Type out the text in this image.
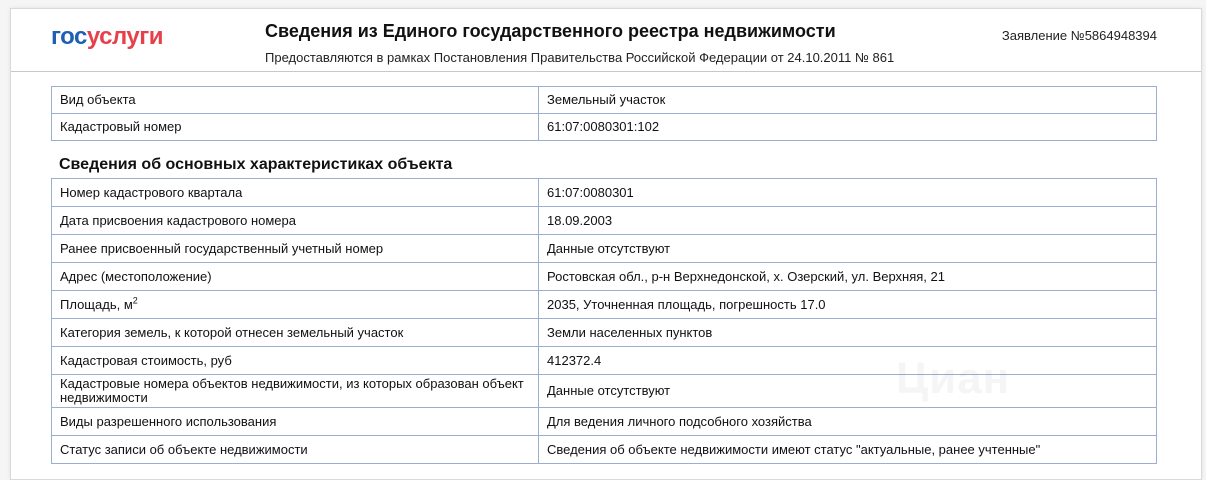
госуслуги	Сведения из Единого государственного реестра недвижимости
Предоставляются в рамках Постановления Правительства Российской Федерации от 24.10.2011 № 861
Заявление №5864948394
Вид объекта	Земельный участок
Кадастровый номер	61:07:0080301:102
Сведения об основных характеристиках объекта
Номер кадастрового квартала	61:07:0080301
Дата присвоения кадастрового номера	18.09.2003
Ранее присвоенный государственный учетный номер	Данные отсутствуют
Адрес (местоположение)	Ростовская обл., р-н Верхнедонской, х. Озерский, ул. Верхняя, 21
Площадь, $м^2$	2035, Уточненная площадь, погрешность 17.0
Категория земель, к которой отнесен земельный участок	Земли населенных пунктов
Кадастровая стоимость, руб	412372.4
Кадастровые номера объектов недвижимости, из которых образован объект недвижимости	Данные отсутствуют
Виды разрешенного использования	Для ведения личного подсобного хозяйства
Статус записи об объекте недвижимости	Сведения об объекте недвижимости имеют статус "актуальные, ранее учтенные"
Циан
